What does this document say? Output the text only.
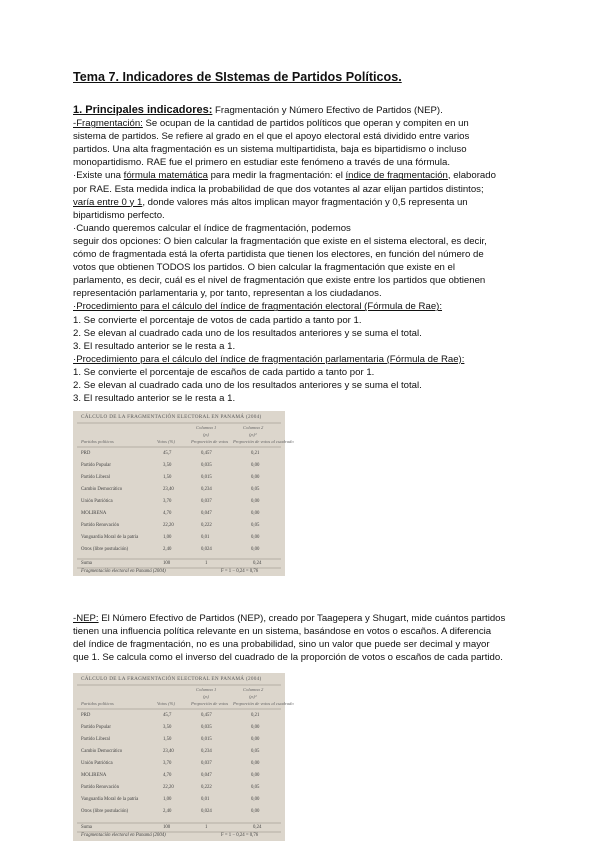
Tema 7. Indicadores de SIstemas de Partidos Políticos.

1. Principales indicadores: Fragmentación y Número Efectivo de Partidos (NEP).

-Fragmentación: Se ocupan de la cantidad de partidos políticos que operan y compiten en un

sistema de partidos. Se refiere al grado en el que el apoyo electoral está dividido entre varios

partidos. Una alta fragmentación es un sistema multipartidista, baja es bipartidismo o incluso

monopartidismo. RAE fue el primero en estudiar este fenómeno a través de una fórmula.

·Existe una fórmula matemática para medir la fragmentación: el índice de fragmentación, elaborado

por RAE. Esta medida indica la probabilidad de que dos votantes al azar elijan partidos distintos;

varía entre 0 y 1, donde valores más altos implican mayor fragmentación y 0,5 representa un

bipartidismo perfecto.

·Cuando queremos calcular el índice de fragmentación, podemos

seguir dos opciones: O bien calcular la fragmentación que existe en el sistema electoral, es decir,

cómo de fragmentada está la oferta partidista que tienen los electores, en función del número de

votos que obtienen TODOS los partidos. O bien calcular la fragmentación que existe en el

parlamento, es decir, cuál es el nivel de fragmentación que existe entre los partidos que obtienen

representación parlamentaria y, por tanto, representan a los ciudadanos.

·Procedimiento para el cálculo del índice de fragmentación electoral (Fórmula de Rae):

1. Se convierte el porcentaje de votos de cada partido a tanto por 1.

2. Se elevan al cuadrado cada uno de los resultados anteriores y se suma el total.

3. El resultado anterior se le resta a 1.

·Procedimiento para el cálculo del índice de fragmentación parlamentaria (Fórmula de Rae):

1. Se convierte el porcentaje de escaños de cada partido a tanto por 1.

2. Se elevan al cuadrado cada uno de los resultados anteriores y se suma el total.

3. El resultado anterior se le resta a 1.

CÁLCULO DE LA FRAGMENTACIÓN ELECTORAL EN PANAMÁ (2004)
Columna 1	Columna 2
(pᵢ)	(pᵢ)²
Partidos políticos	Votos (%)	Proporción de votos Proporción de votos al cuadrado
PRD	45,7	0,457	0,21
Partido Popular	3,50	0,035	0,00
Partido Liberal	1,50	0,015	0,00
Cambio Democrático	23,40	0,234	0,05
Unión Patriótica	3,70	0,037	0,00
MOLIRENA	4,70	0,047	0,00
Partido Renovación	22,20	0,222	0,05
Vanguardia Moral de la patria	1,00	0,01	0,00
Otros (libre postulación)	2,40	0,024	0,00
Suma	100	1	0,24
Fragmentación electoral en Panamá (2004)	F = 1 − 0,24 = 0,76

-NEP: El Número Efectivo de Partidos (NEP), creado por Taagepera y Shugart, mide cuántos partidos

tienen una influencia política relevante en un sistema, basándose en votos o escaños. A diferencia

del índice de fragmentación, no es una probabilidad, sino un valor que puede ser decimal y mayor

que 1. Se calcula como el inverso del cuadrado de la proporción de votos o escaños de cada partido.

CÁLCULO DE LA FRAGMENTACIÓN ELECTORAL EN PANAMÁ (2004)
Columna 1	Columna 2
(pᵢ)	(pᵢ)²
Partidos políticos	Votos (%)	Proporción de votos Proporción de votos al cuadrado
PRD	45,7	0,457	0,21
Partido Popular	3,50	0,035	0,00
Partido Liberal	1,50	0,015	0,00
Cambio Democrático	23,40	0,234	0,05
Unión Patriótica	3,70	0,037	0,00
MOLIRENA	4,70	0,047	0,00
Partido Renovación	22,20	0,222	0,05
Vanguardia Moral de la patria	1,00	0,01	0,00
Otros (libre postulación)	2,40	0,024	0,00
Suma	100	1	0,24
Fragmentación electoral en Panamá (2004)	F = 1 − 0,24 = 0,76
